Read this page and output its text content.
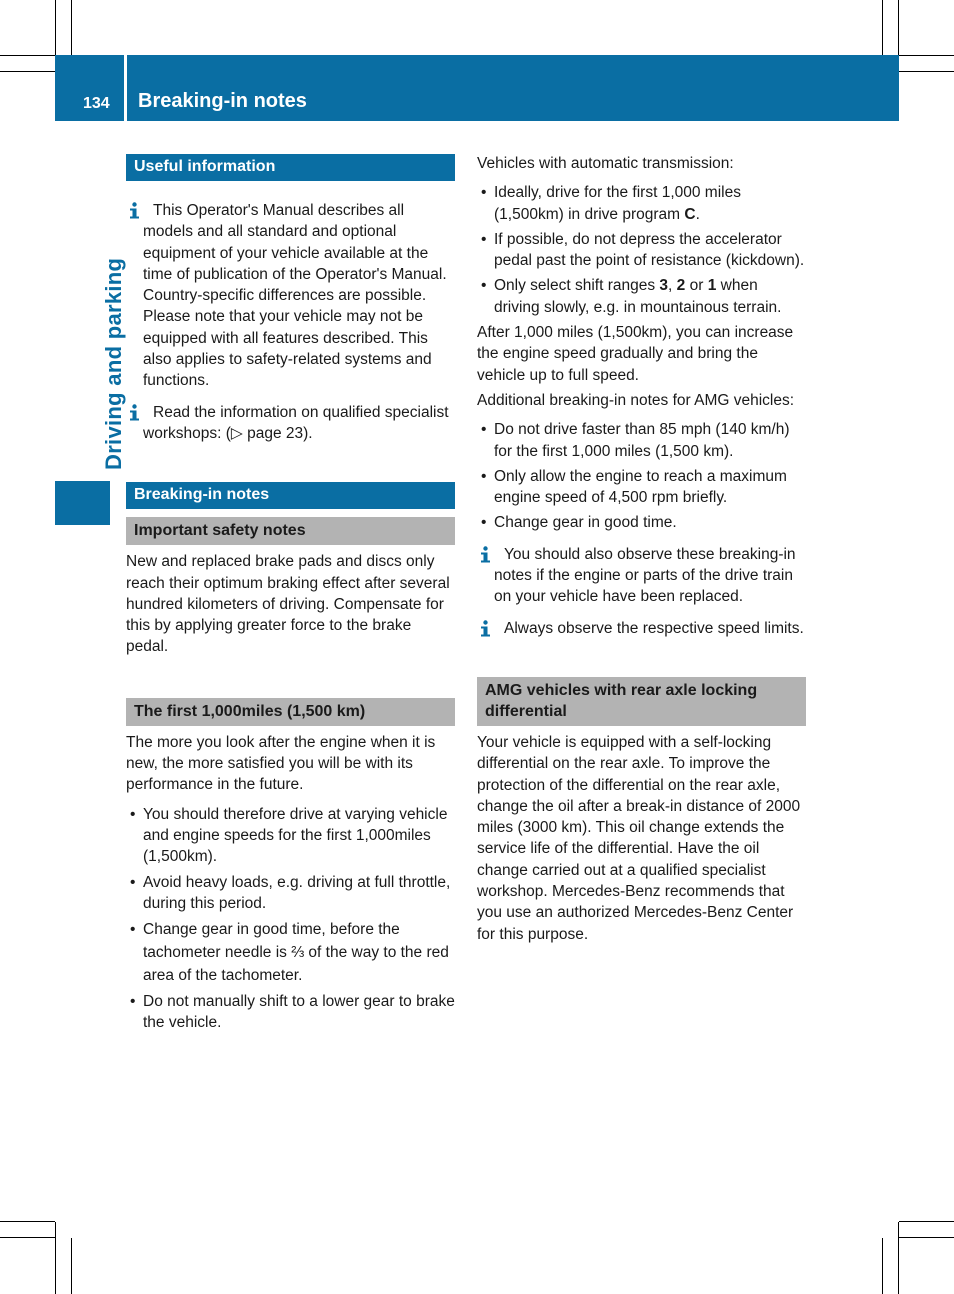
134 Breaking-in notes
Driving and parking
Useful information

This Operator's Manual describes all models and all standard and optional equipment of your vehicle available at the time of publication of the Operator's Manual. Country-specific differences are possible. Please note that your vehicle may not be equipped with all features described. This also applies to safety-related systems and functions.

Read the information on qualified specialist workshops: (▷ page 23).

Breaking-in notes
Important safety notes

New and replaced brake pads and discs only reach their optimum braking effect after several hundred kilometers of driving. Compensate for this by applying greater force to the brake pedal.

The first 1,000miles (1,500 km)

The more you look after the engine when it is new, the more satisfied you will be with its performance in the future.

• You should therefore drive at varying vehicle and engine speeds for the first 1,000miles (1,500km).
• Avoid heavy loads, e.g. driving at full throttle, during this period.
• Change gear in good time, before the tachometer needle is ⅔ of the way to the red area of the tachometer.
• Do not manually shift to a lower gear to brake the vehicle.

Vehicles with automatic transmission:

• Ideally, drive for the first 1,000 miles (1,500km) in drive program C.
• If possible, do not depress the accelerator pedal past the point of resistance (kickdown).
• Only select shift ranges 3, 2 or 1 when driving slowly, e.g. in mountainous terrain.

After 1,000 miles (1,500km), you can increase the engine speed gradually and bring the vehicle up to full speed.

Additional breaking-in notes for AMG vehicles:

• Do not drive faster than 85 mph (140 km/h) for the first 1,000 miles (1,500 km).
• Only allow the engine to reach a maximum engine speed of 4,500 rpm briefly.
• Change gear in good time.

You should also observe these breaking-in notes if the engine or parts of the drive train on your vehicle have been replaced.

Always observe the respective speed limits.

AMG vehicles with rear axle locking differential

Your vehicle is equipped with a self-locking differential on the rear axle. To improve the protection of the differential on the rear axle, change the oil after a break-in distance of 2000 miles (3000 km). This oil change extends the service life of the differential. Have the oil change carried out at a qualified specialist workshop. Mercedes-Benz recommends that you use an authorized Mercedes-Benz Center for this purpose.
